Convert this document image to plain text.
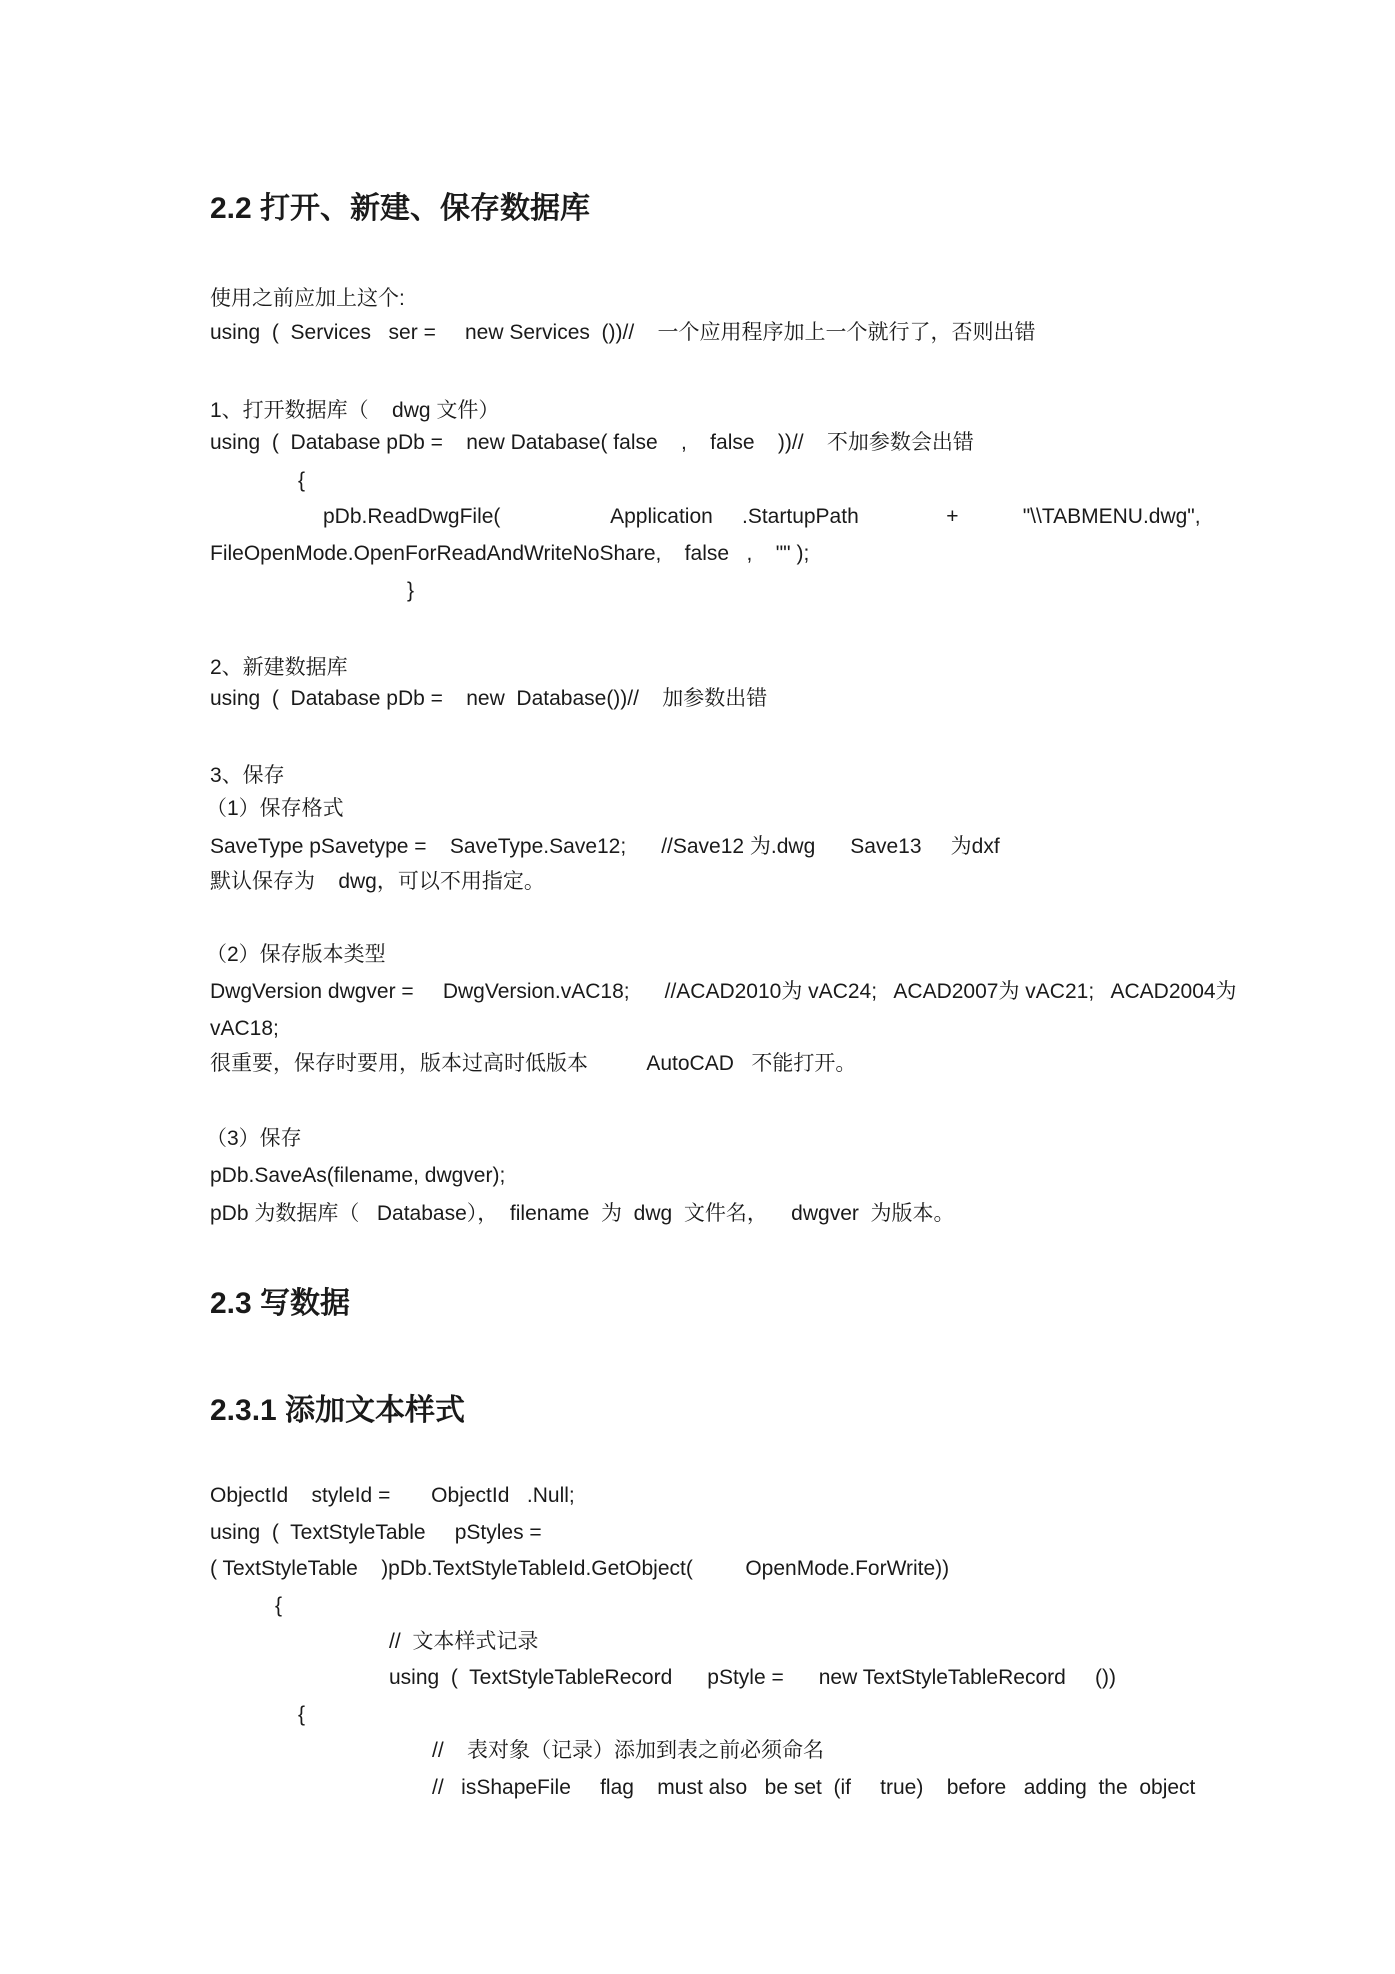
2.2 打开、新建、保存数据库

使用之前应加上这个:

using  (  Services   ser =     new Services  ())//    一个应用程序加上一个就行了，否则出错

1、打开数据库（    dwg 文件）

using  (  Database pDb =    new Database( false    ,    false    ))//    不加参数会出错

{

pDb.ReadDwgFile(                   Application     .StartupPath               +           "\\TABMENU.dwg",

FileOpenMode.OpenForReadAndWriteNoShare,    false   ,    "" );

}

2、新建数据库

using  (  Database pDb =    new  Database())//    加参数出错

3、保存

（1）保存格式

SaveType pSavetype =    SaveType.Save12;      //Save12 为.dwg      Save13     为dxf

默认保存为    dwg，可以不用指定。

（2）保存版本类型

DwgVersion dwgver =     DwgVersion.vAC18;      //ACAD2010为 vAC24;   ACAD2007为 vAC21;   ACAD2004为

vAC18;

很重要，保存时要用，版本过高时低版本          AutoCAD   不能打开。

（3）保存

pDb.SaveAs(filename, dwgver);

pDb 为数据库（   Database），  filename  为  dwg  文件名，    dwgver  为版本。

2.3 写数据
2.3.1 添加文本样式

ObjectId    styleId =       ObjectId   .Null;

using  (  TextStyleTable     pStyles =

( TextStyleTable    )pDb.TextStyleTableId.GetObject(         OpenMode.ForWrite))

{

//  文本样式记录

using  (  TextStyleTableRecord      pStyle =      new TextStyleTableRecord     ())

{

//    表对象（记录）添加到表之前必须命名

//   isShapeFile     flag    must also   be set  (if     true)    before   adding  the  object
